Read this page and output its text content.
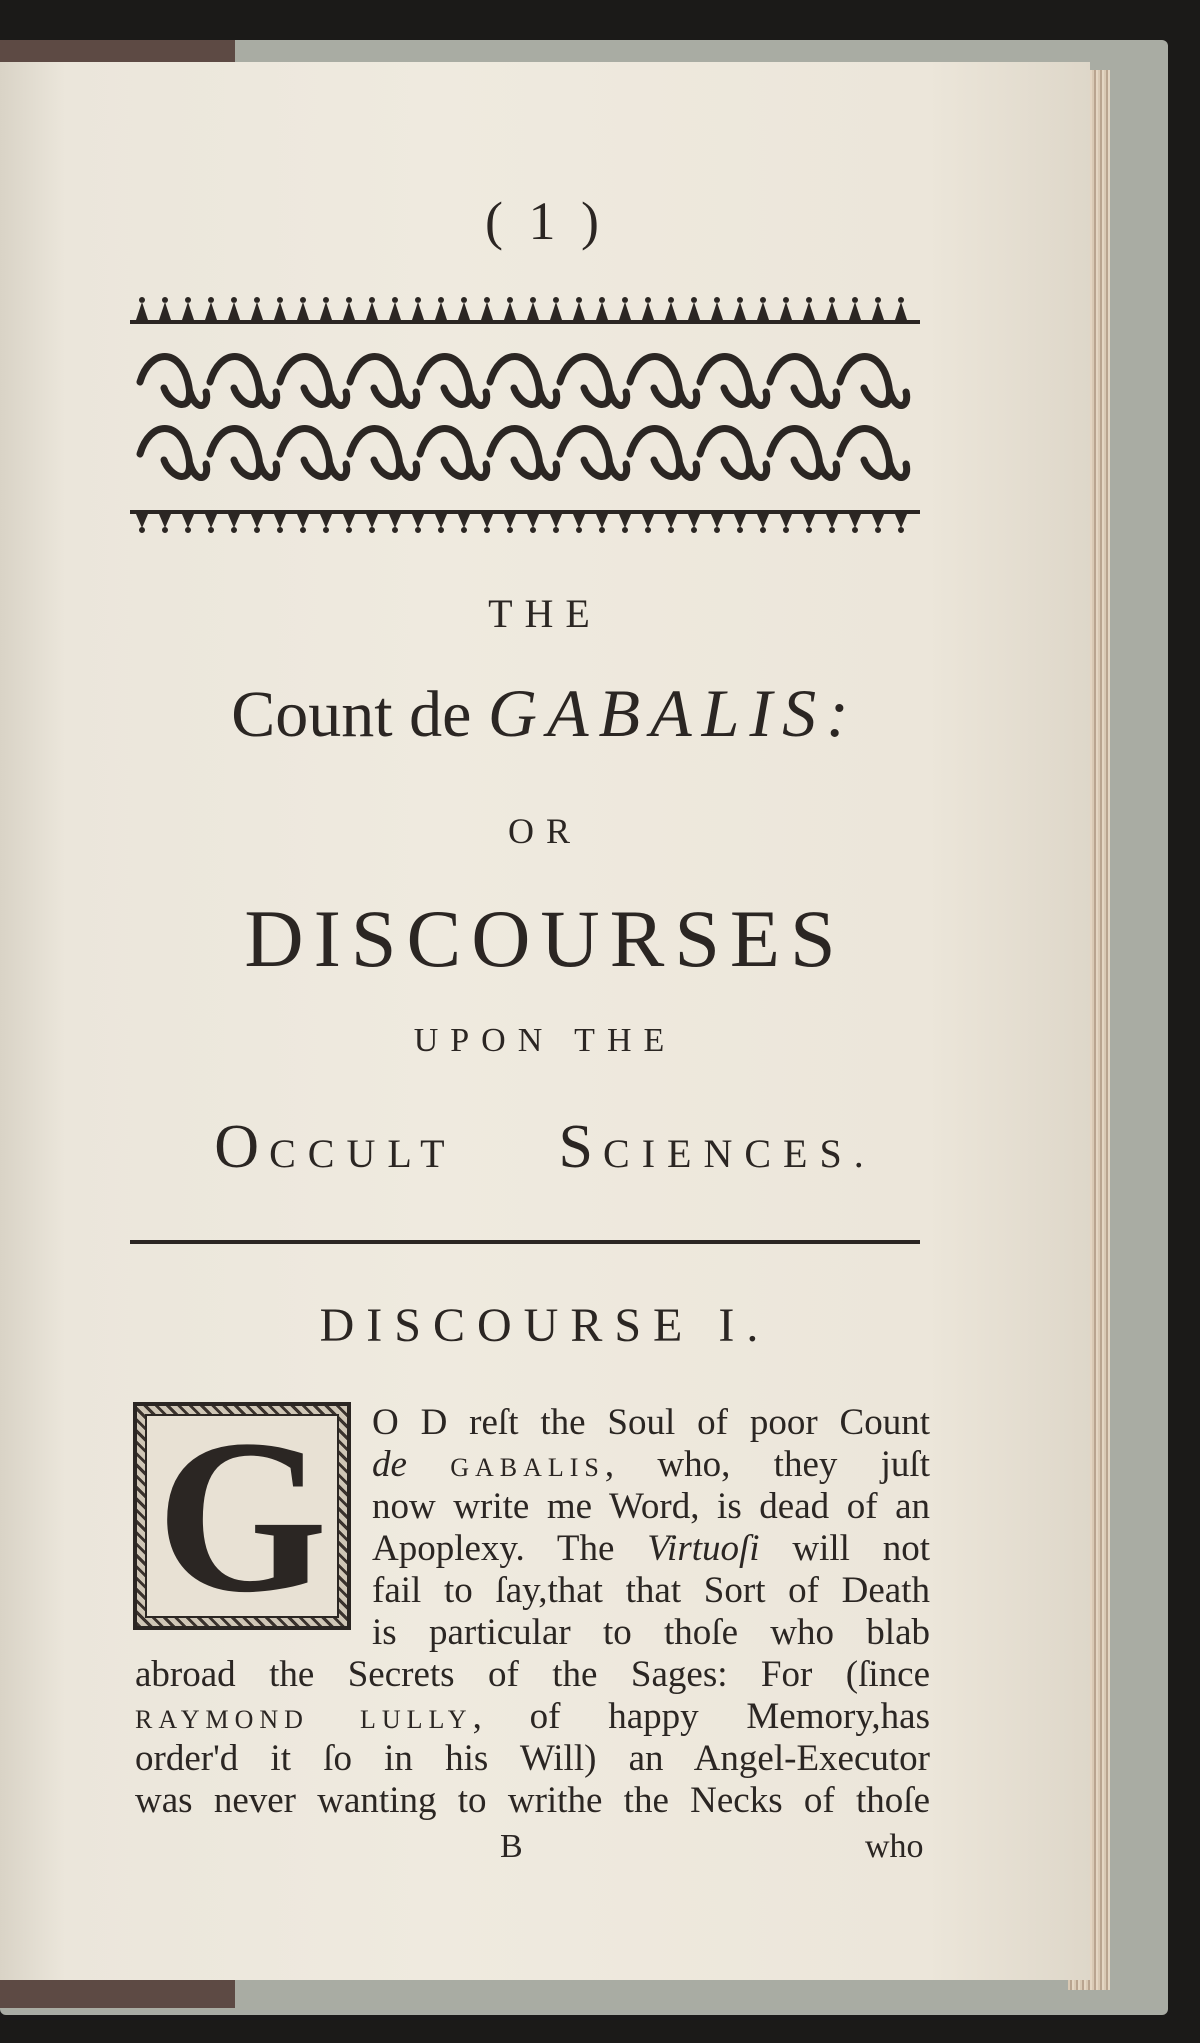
( 1 )
THE
Count de GABALIS:
OR
DISCOURSES
UPON THE
OCCULT SCIENCES.
DISCOURSE I.
G	O D reſt the Soul of poor Count
de GABALIS, who, they juſt
now write me Word, is dead of an
Apoplexy. The Virtuoſi will not
fail to ſay,that that Sort of Death
is particular to thoſe who blab
abroad the Secrets of the Sages: For (ſince
RAYMOND LULLY, of happy Memory,has
order'd it ſo in his Will) an Angel-Executor
was never wanting to writhe the Necks of thoſe
B	who
